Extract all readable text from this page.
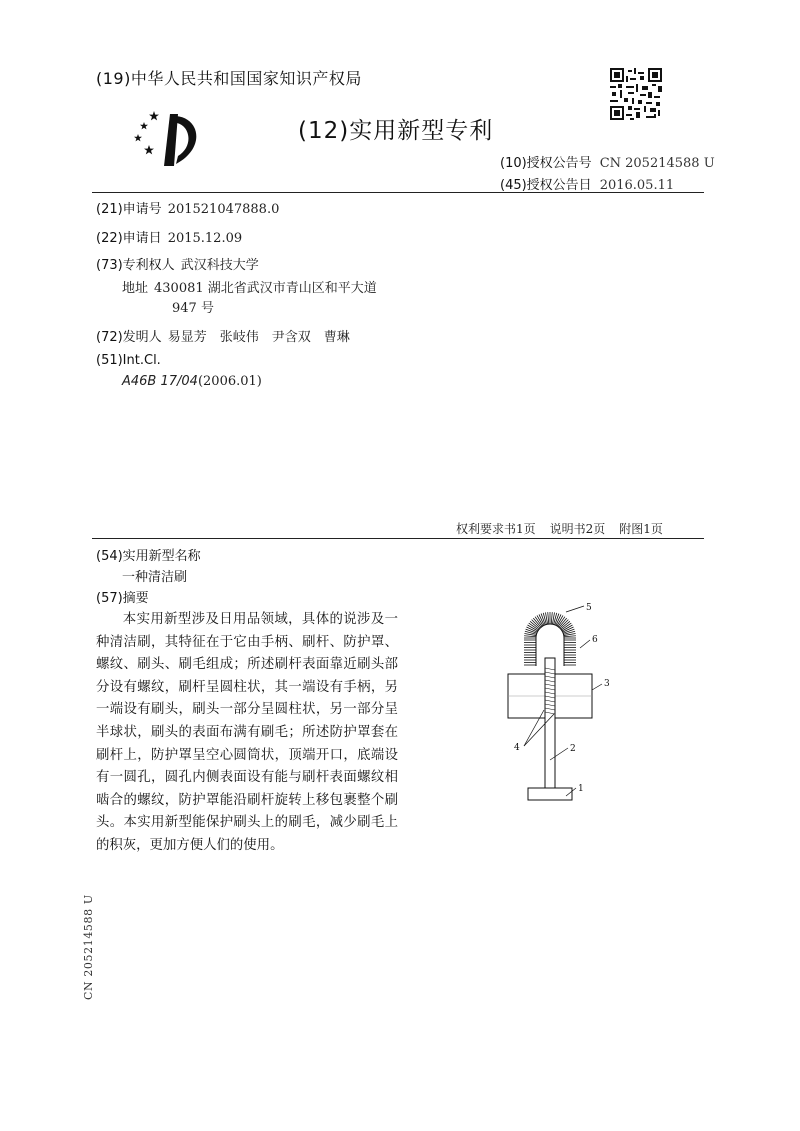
(19)中华人民共和国国家知识产权局
(12)实用新型专利
(10)授权公告号 CN 205214588 U
(45)授权公告日 2016.05.11
(21)申请号 201521047888.0
(22)申请日 2015.12.09
(73)专利权人 武汉科技大学
地址 430081 湖北省武汉市青山区和平大道
947 号
(72)发明人 易显芳　张岐伟　尹含双　曹琳
(51)Int.Cl.
A46B 17/04(2006.01)
权利要求书1页 说明书2页 附图1页
(54)实用新型名称
一种清洁刷
(57)摘要
本实用新型涉及日用品领域，具体的说涉及一种清洁刷，其特征在于它由手柄、刷杆、防护罩、螺纹、刷头、刷毛组成；所述刷杆表面靠近刷头部分设有螺纹，刷杆呈圆柱状，其一端设有手柄，另一端设有刷头，刷头一部分呈圆柱状，另一部分呈半球状，刷头的表面布满有刷毛；所述防护罩套在刷杆上，防护罩呈空心圆筒状，顶端开口，底端设有一圆孔，圆孔内侧表面设有能与刷杆表面螺纹相啮合的螺纹，防护罩能沿刷杆旋转上移包裹整个刷头。本实用新型能保护刷头上的刷毛，减少刷毛上的积灰，更加方便人们的使用。
5
6
3
4	2
1
CN 205214588 U
